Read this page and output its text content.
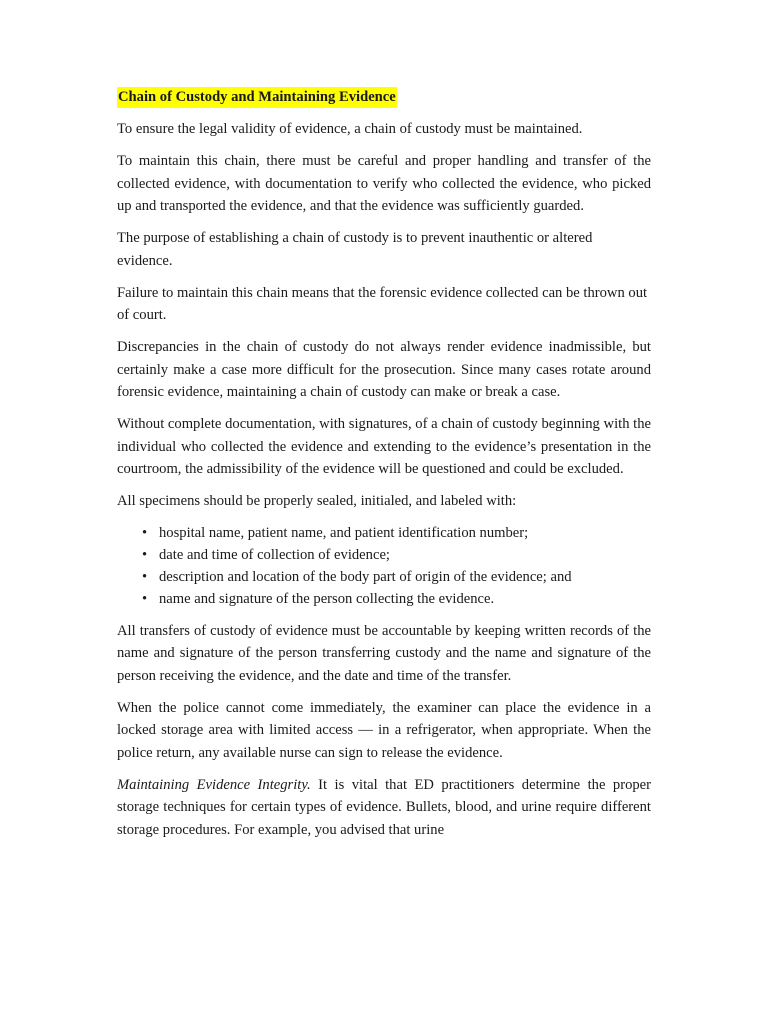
Chain of Custody and Maintaining Evidence

To ensure the legal validity of evidence, a chain of custody must be maintained.

To maintain this chain, there must be careful and proper handling and transfer of the collected evidence, with documentation to verify who collected the evidence, who picked up and transported the evidence, and that the evidence was sufficiently guarded.

The purpose of establishing a chain of custody is to prevent inauthentic or altered evidence.

Failure to maintain this chain means that the forensic evidence collected can be thrown out of court.

Discrepancies in the chain of custody do not always render evidence inadmissible, but certainly make a case more difficult for the prosecution. Since many cases rotate around forensic evidence, maintaining a chain of custody can make or break a case.

Without complete documentation, with signatures, of a chain of custody beginning with the individual who collected the evidence and extending to the evidence’s presentation in the courtroom, the admissibility of the evidence will be questioned and could be excluded.

All specimens should be properly sealed, initialed, and labeled with:

• hospital name, patient name, and patient identification number;
• date and time of collection of evidence;
• description and location of the body part of origin of the evidence; and
• name and signature of the person collecting the evidence.

All transfers of custody of evidence must be accountable by keeping written records of the name and signature of the person transferring custody and the name and signature of the person receiving the evidence, and the date and time of the transfer.

When the police cannot come immediately, the examiner can place the evidence in a locked storage area with limited access — in a refrigerator, when appropriate. When the police return, any available nurse can sign to release the evidence.

Maintaining Evidence Integrity. It is vital that ED practitioners determine the proper storage techniques for certain types of evidence. Bullets, blood, and urine require different storage procedures. For example, you advised that urine
